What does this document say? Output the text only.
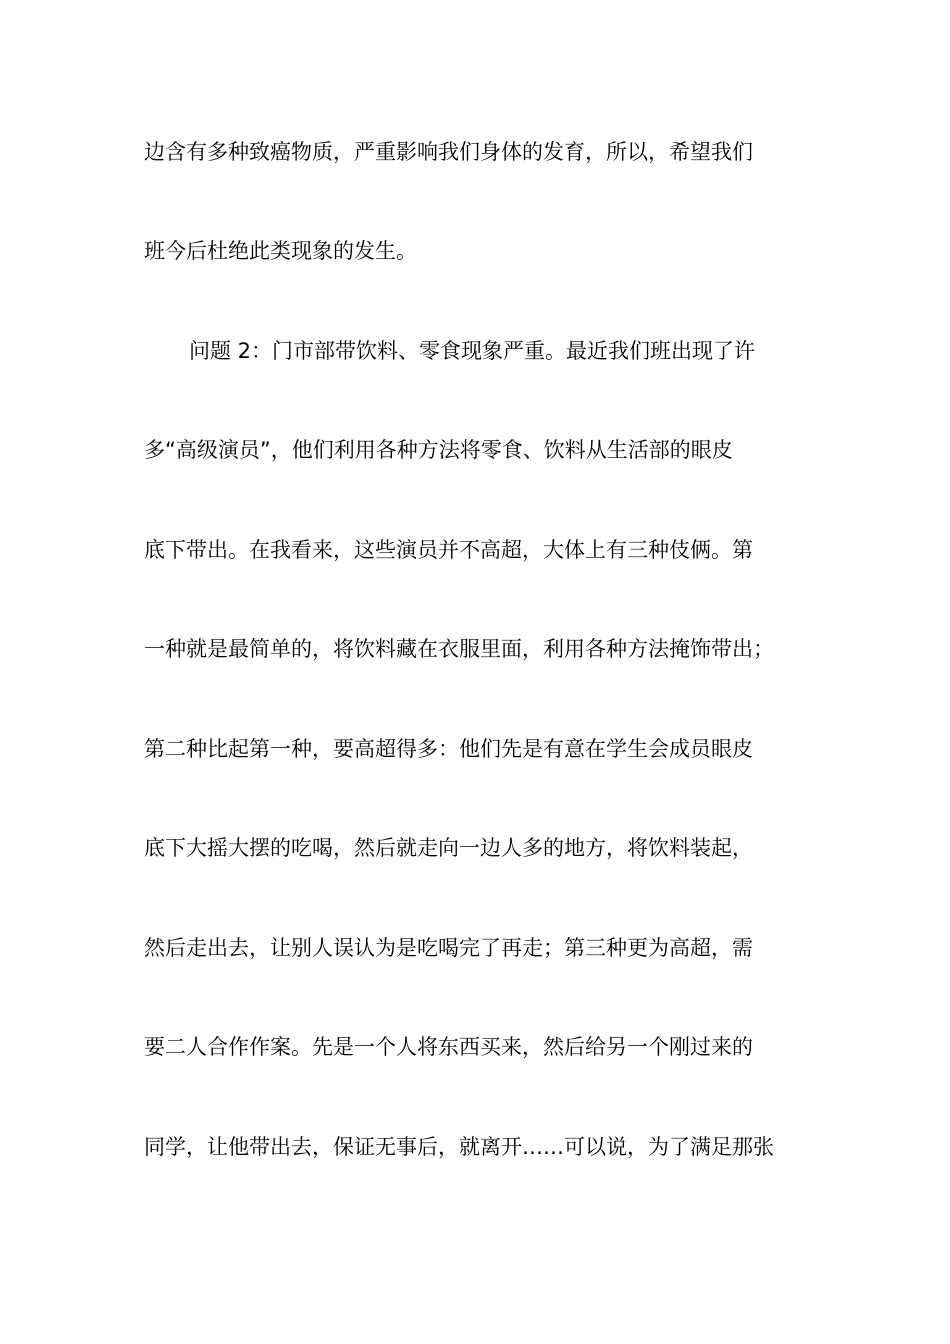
边含有多种致癌物质，严重影响我们身体的发育，所以，希望我们
班今后杜绝此类现象的发生。
问题 2：门市部带饮料、零食现象严重。最近我们班出现了许
多“高级演员”，他们利用各种方法将零食、饮料从生活部的眼皮
底下带出。在我看来，这些演员并不高超，大体上有三种伎俩。第
一种就是最简单的，将饮料藏在衣服里面，利用各种方法掩饰带出；
第二种比起第一种，要高超得多：他们先是有意在学生会成员眼皮
底下大摇大摆的吃喝，然后就走向一边人多的地方，将饮料装起，
然后走出去，让别人误认为是吃喝完了再走；第三种更为高超，需
要二人合作作案。先是一个人将东西买来，然后给另一个刚过来的
同学，让他带出去，保证无事后，就离开……可以说，为了满足那张
